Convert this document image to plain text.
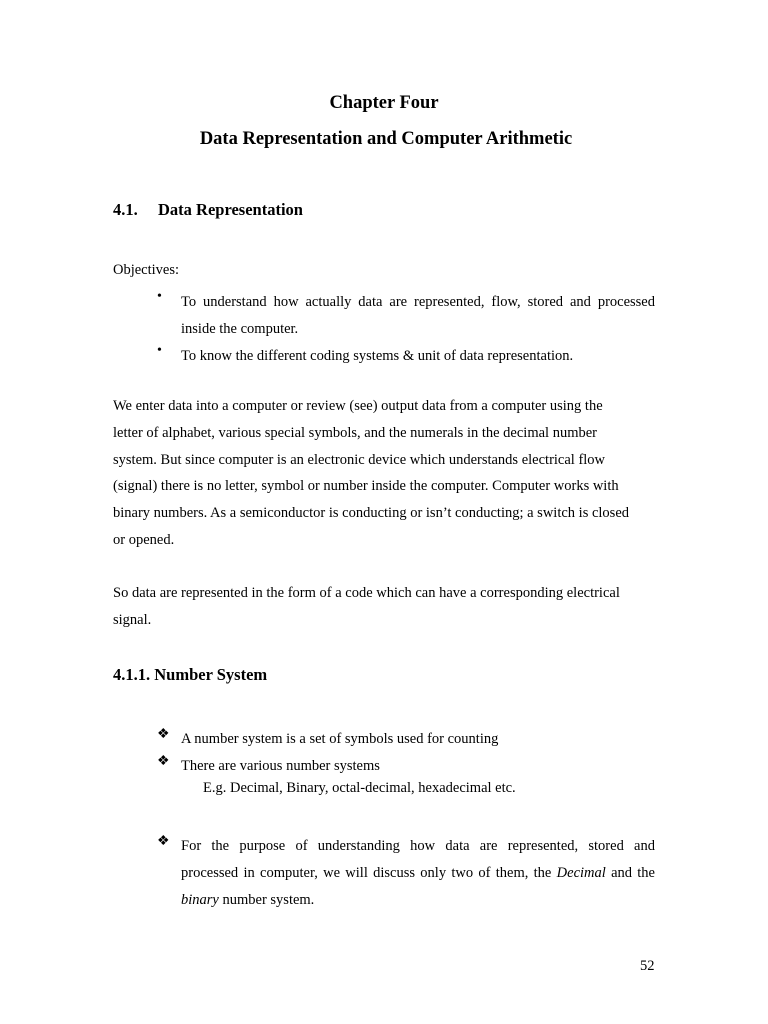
Chapter Four
Data Representation and Computer Arithmetic
4.1. Data Representation
Objectives:
• To understand how actually data are represented, flow, stored and processed
inside the computer.
• To know the different coding systems & unit of data representation.
We enter data into a computer or review (see) output data from a computer using the
letter of alphabet, various special symbols, and the numerals in the decimal number
system. But since computer is an electronic device which understands electrical flow
(signal) there is no letter, symbol or number inside the computer. Computer works with
binary numbers. As a semiconductor is conducting or isn’t conducting; a switch is closed
or opened.
So data are represented in the form of a code which can have a corresponding electrical
signal.
4.1.1. Number System
❖ A number system is a set of symbols used for counting
❖ There are various number systems
E.g. Decimal, Binary, octal-decimal, hexadecimal etc.
❖ For the purpose of understanding how data are represented, stored and
processed in computer, we will discuss only two of them, the Decimal and the
binary number system.
52
